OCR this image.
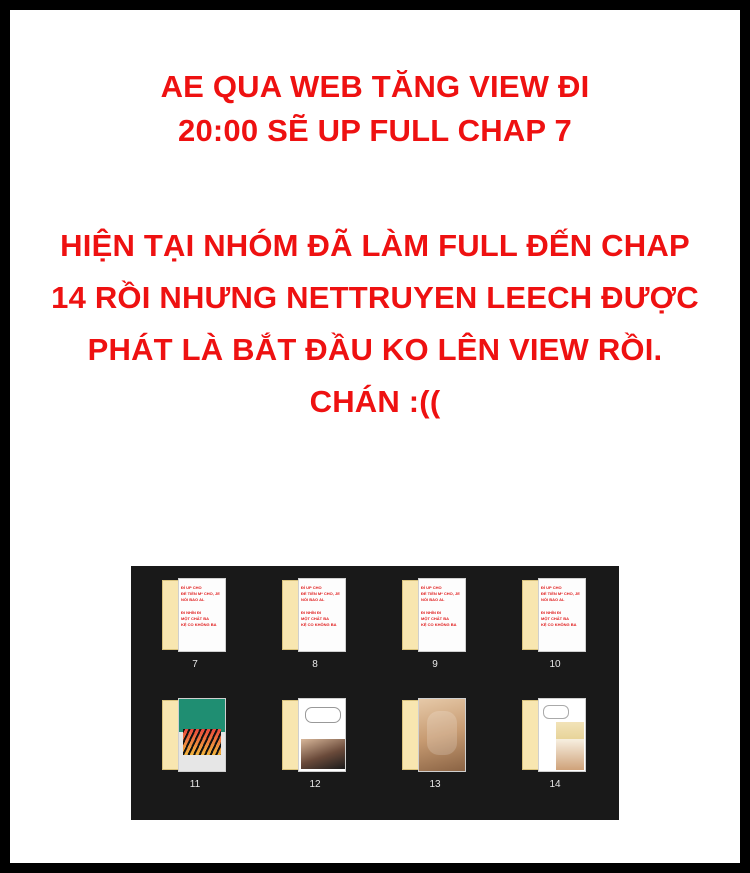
AE QUA WEB TĂNG VIEW ĐI
20:00 SẼ UP FULL CHAP 7
HIỆN TẠI NHÓM ĐÃ LÀM FULL ĐẾN CHAP
14 RỒI NHƯNG NETTRUYEN LEECH ĐƯỢC
PHÁT LÀ BẮT ĐẦU KO LÊN VIEW RỒI.
CHÁN :((
ĐÍ UP CHO
ĐỂ TIỀN M* CHO, JE
NÓI BAO AL
ĐI NHÍN ĐI
MỘT CHẤT BA
KỆ CO KHÔNG BA
7
ĐÍ UP CHO
ĐỂ TIỀN M* CHO, JE
NÓI BAO AL
ĐI NHÍN ĐI
MỘT CHẤT BA
KỆ CO KHÔNG BA
8
ĐÍ UP CHO
ĐỂ TIỀN M* CHO, JE
NÓI BAO AL
ĐI NHÍN ĐI
MỘT CHẤT BA
KỆ CO KHÔNG BA
9
ĐÍ UP CHO
ĐỂ TIỀN M* CHO, JE
NÓI BAO AL
ĐI NHÍN ĐI
MỘT CHẤT BA
KỆ CO KHÔNG BA
10
11	12	13	14
